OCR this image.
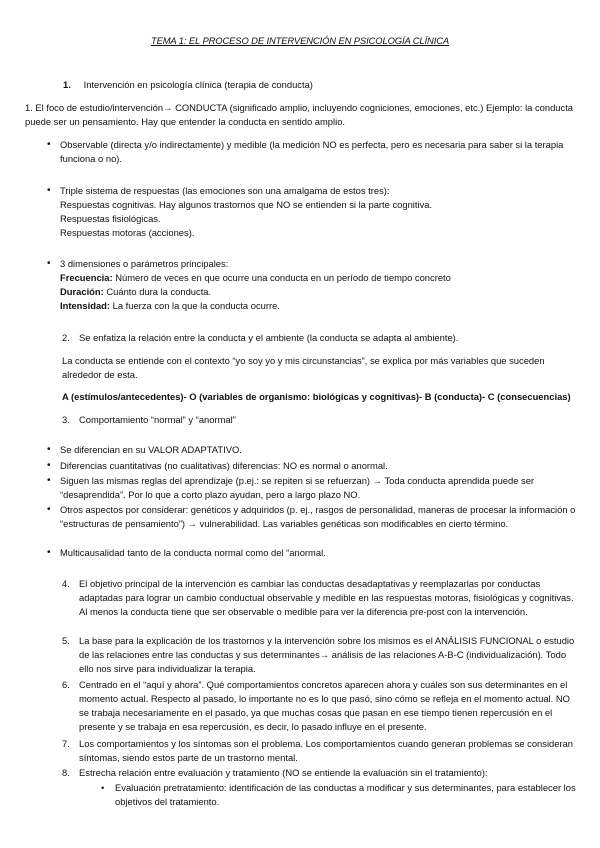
TEMA 1: EL PROCESO DE INTERVENCIÓN EN PSICOLOGÍA CLÍNICA
1. Intervención en psicología clínica (terapia de conducta)
1. El foco de estudio/intervención→ CONDUCTA (significado amplio, incluyendo cogniciones, emociones, etc.) Ejemplo: la conducta puede ser un pensamiento. Hay que entender la conducta en sentido amplio.
• Observable (directa y/o indirectamente) y medible (la medición NO es perfecta, pero es necesaria para saber si la terapia funciona o no).
• Triple sistema de respuestas (las emociones son una amalgama de estos tres):
Respuestas cognitivas. Hay algunos trastornos que NO se entienden si la parte cognitiva.
Respuestas fisiológicas.
Respuestas motoras (acciones).
• 3 dimensiones o parámetros principales:
Frecuencia: Número de veces en que ocurre una conducta en un período de tiempo concreto
Duración: Cuánto dura la conducta.
Intensidad: La fuerza con la que la conducta ocurre.
2. Se enfatiza la relación entre la conducta y el ambiente (la conducta se adapta al ambiente).
La conducta se entiende con el contexto “yo soy yo y mis circunstancias”, se explica por más variables que suceden alrededor de esta.
A (estímulos/antecedentes)- O (variables de organismo: biológicas y cognitivas)- B (conducta)- C (consecuencias)
3. Comportamiento “normal” y “anormal”
• Se diferencian en su VALOR ADAPTATIVO.
• Diferencias cuantitativas (no cualitativas) diferencias: NO es normal o anormal.
• Siguen las mismas reglas del aprendizaje (p.ej.: se repiten si se refuerzan) → Toda conducta aprendida puede ser “desaprendida”. Por lo que a corto plazo ayudan, pero a largo plazo NO.
• Otros aspectos por considerar: genéticos y adquiridos (p. ej., rasgos de personalidad, maneras de procesar la información o “estructuras de pensamiento”) → vulnerabilidad. Las variables genéticas son modificables en cierto término.
• Multicausalidad tanto de la conducta normal como del “anormal.
4. El objetivo principal de la intervención es cambiar las conductas desadaptativas y reemplazarlas por conductas adaptadas para lograr un cambio conductual observable y medible en las respuestas motoras, fisiológicas y cognitivas. Al menos la conducta tiene que ser observable o medible para ver la diferencia pre-post con la intervención.
5. La base para la explicación de los trastornos y la intervención sobre los mismos es el ANÁLISIS FUNCIONAL o estudio de las relaciones entre las conductas y sus determinantes→ análisis de las relaciones A-B-C (individualización). Todo ello nos sirve para individualizar la terapia.
6. Centrado en el “aquí y ahora”. Qué comportamientos concretos aparecen ahora y cuáles son sus determinantes en el momento actual. Respecto al pasado, lo importante no es lo que pasó, sino cómo se refleja en el momento actual. NO se trabaja necesariamente en el pasado, ya que muchas cosas que pasan en ese tiempo tienen repercusión en el presente y se trabaja en esa repercusión, es decir, lo pasado influye en el presente.
7. Los comportamientos y los síntomas son el problema. Los comportamientos cuando generan problemas se consideran síntomas, siendo estos parte de un trastorno mental.
8. Estrecha relación entre evaluación y tratamiento (NO se entiende la evaluación sin el tratamiento):
• Evaluación pretratamiento: identificación de las conductas a modificar y sus determinantes, para establecer los objetivos del tratamiento.
